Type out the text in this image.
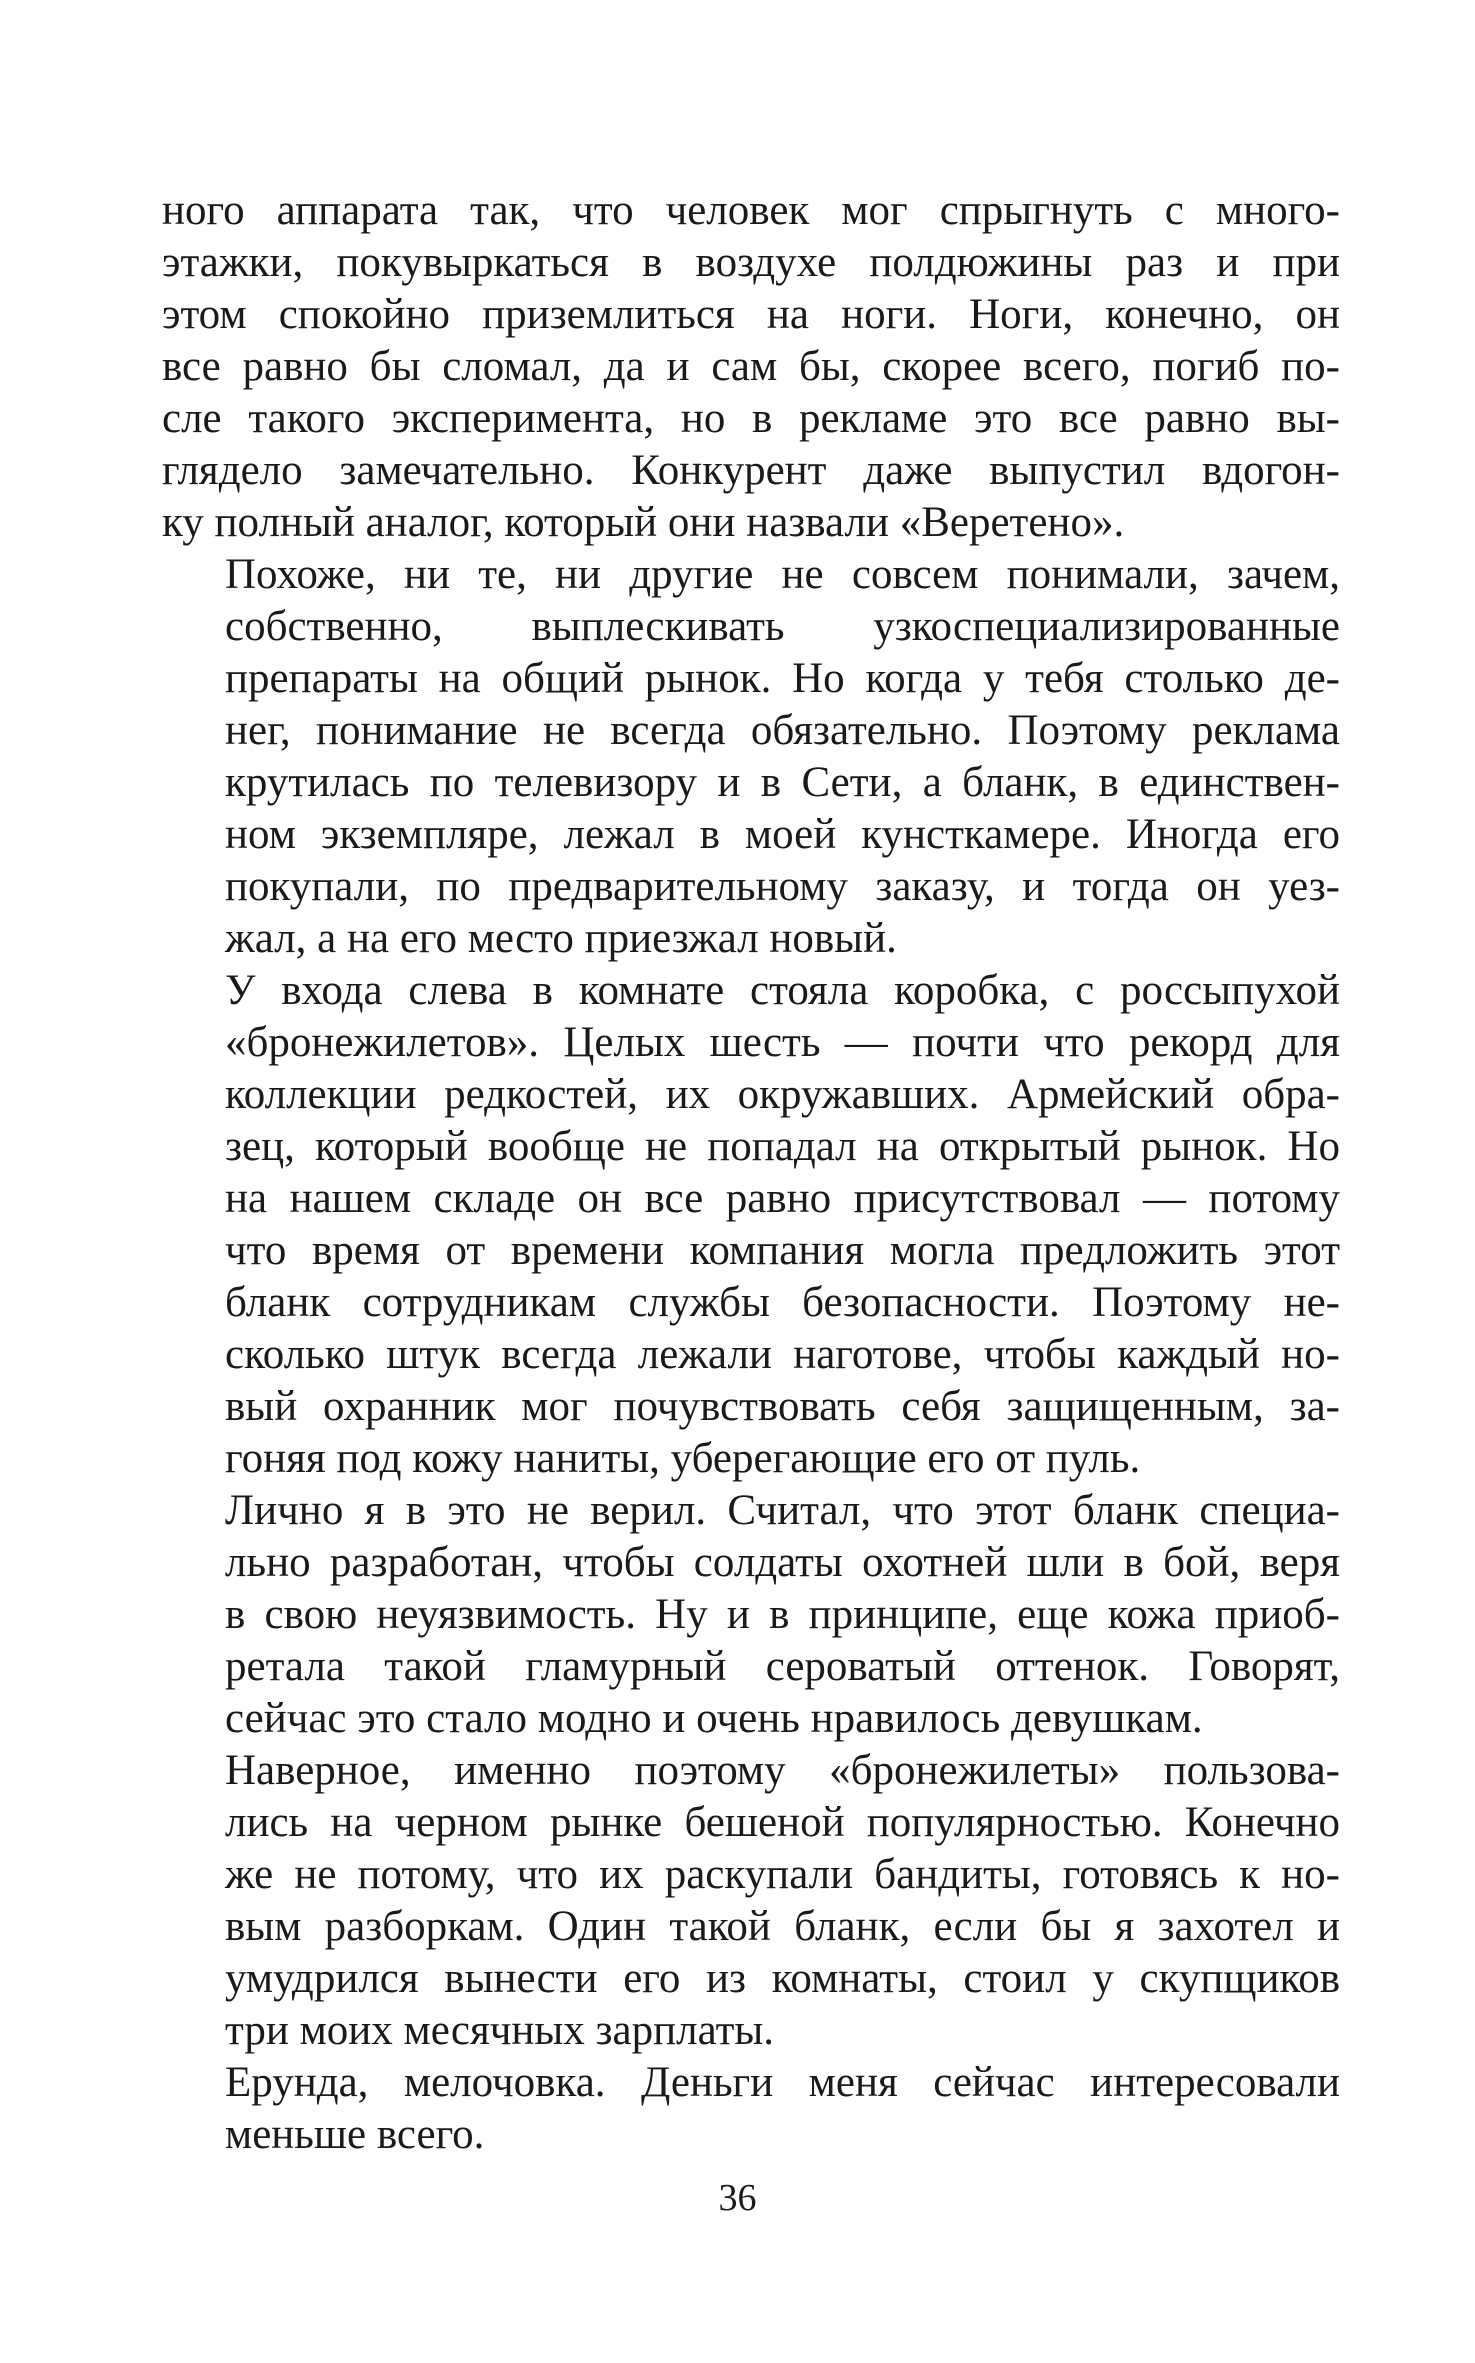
ного аппарата так, что человек мог спрыгнуть с много-
этажки, покувыркаться в воздухе полдюжины раз и при
этом спокойно приземлиться на ноги. Ноги, конечно, он
все равно бы сломал, да и сам бы, скорее всего, погиб по-
сле такого эксперимента, но в рекламе это все равно вы-
глядело замечательно. Конкурент даже выпустил вдогон-
ку полный аналог, который они назвали «Веретено».
Похоже, ни те, ни другие не совсем понимали, зачем,
собственно, выплескивать узкоспециализированные
препараты на общий рынок. Но когда у тебя столько де-
нег, понимание не всегда обязательно. Поэтому реклама
крутилась по телевизору и в Сети, а бланк, в единствен-
ном экземпляре, лежал в моей кунсткамере. Иногда его
покупали, по предварительному заказу, и тогда он уез-
жал, а на его место приезжал новый.
У входа слева в комнате стояла коробка, с россыпухой
«бронежилетов». Целых шесть — почти что рекорд для
коллекции редкостей, их окружавших. Армейский обра-
зец, который вообще не попадал на открытый рынок. Но
на нашем складе он все равно присутствовал — потому
что время от времени компания могла предложить этот
бланк сотрудникам службы безопасности. Поэтому не-
сколько штук всегда лежали наготове, чтобы каждый но-
вый охранник мог почувствовать себя защищенным, за-
гоняя под кожу наниты, уберегающие его от пуль.
Лично я в это не верил. Считал, что этот бланк специа-
льно разработан, чтобы солдаты охотней шли в бой, веря
в свою неуязвимость. Ну и в принципе, еще кожа приоб-
ретала такой гламурный сероватый оттенок. Говорят,
сейчас это стало модно и очень нравилось девушкам.
Наверное, именно поэтому «бронежилеты» пользова-
лись на черном рынке бешеной популярностью. Конечно
же не потому, что их раскупали бандиты, готовясь к но-
вым разборкам. Один такой бланк, если бы я захотел и
умудрился вынести его из комнаты, стоил у скупщиков
три моих месячных зарплаты.
Ерунда, мелочовка. Деньги меня сейчас интересовали
меньше всего.
36
